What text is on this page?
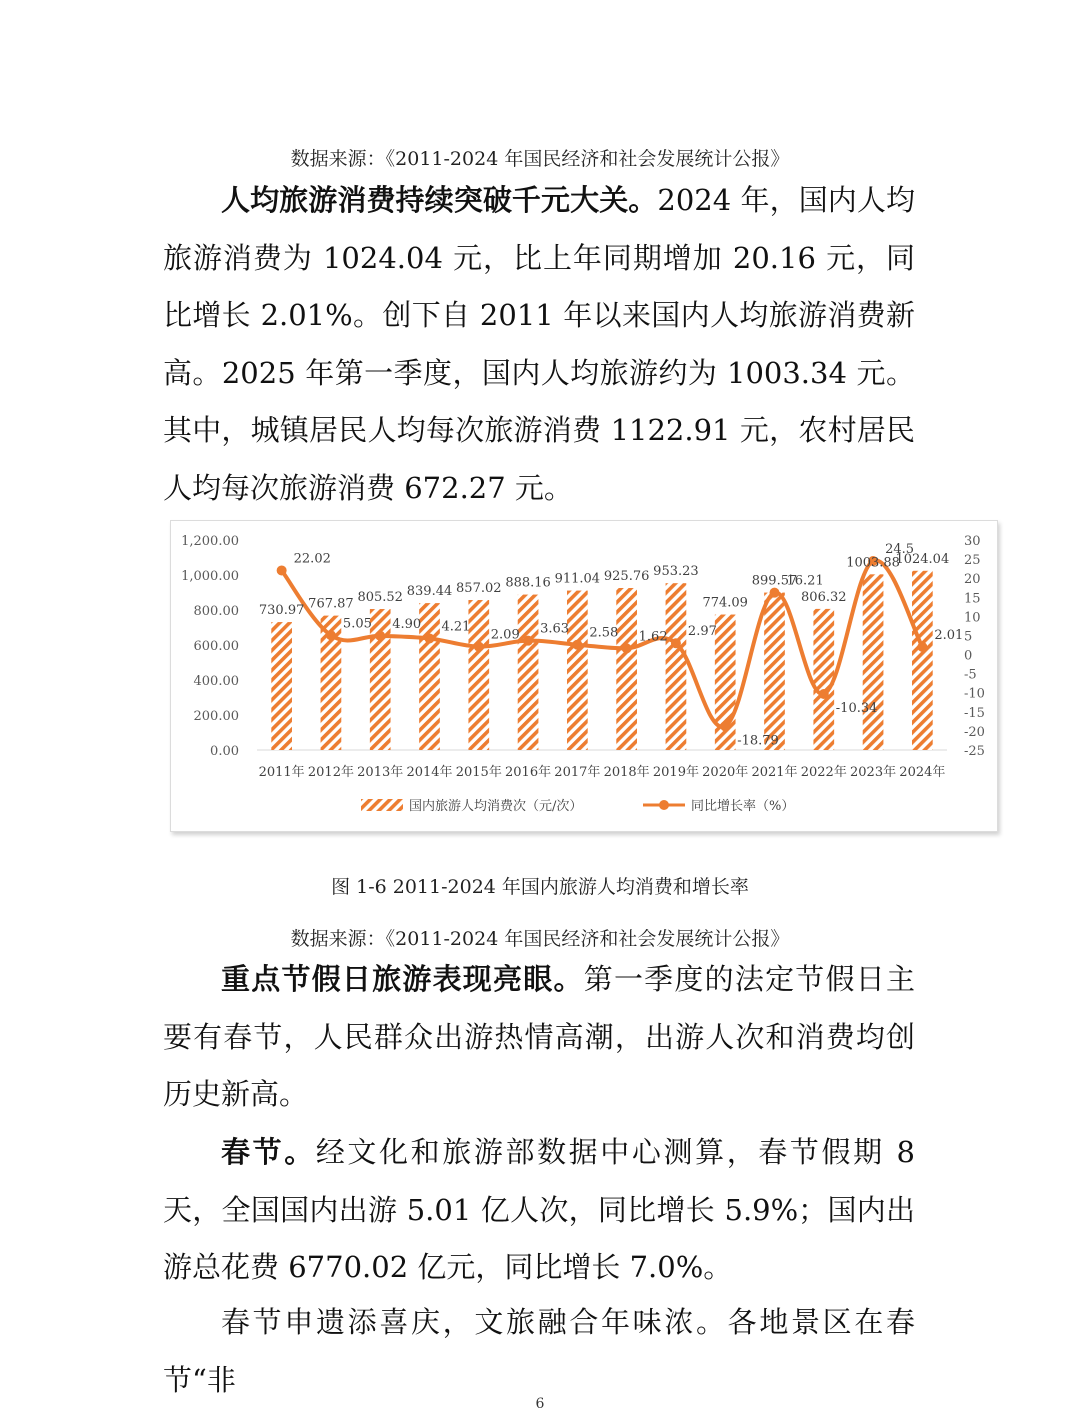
数据来源：《2011-2024 年国民经济和社会发展统计公报》

人均旅游消费持续突破千元大关。2024 年，国内人均旅游消费为 1024.04 元，比上年同期增加 20.16 元，同比增长 2.01%。创下自 2011 年以来国内人均旅游消费新高。2025 年第一季度，国内人均旅游约为 1003.34 元。其中，城镇居民人均每次旅游消费 1122.91 元，农村居民人均每次旅游消费 672.27 元。

0.00
200.00
400.00
600.00
800.00
1,000.00
1,200.00
-25
-20
-15
-10
-5
0
5
10
15
20
25
30
2011年 2012年 2013年 2014年 2015年 2016年 2017年 2018年 2019年 2020年 2021年 2022年 2023年 2024年
730.97 767.87 805.52 839.44 857.02 888.16 911.04 925.76 953.23
774.09
899.57
806.32
1003.88
1024.04
22.02
5.05 4.90 4.21
2.09 3.63 2.58 1.62 2.97
-18.79
16.21
-10.34
24.5
2.01
国内旅游人均消费次（元/次）	同比增长率（%）
图 1-6 2011-2024 年国内旅游人均消费和增长率
数据来源：《2011-2024 年国民经济和社会发展统计公报》

重点节假日旅游表现亮眼。第一季度的法定节假日主要有春节，人民群众出游热情高潮，出游人次和消费均创历史新高。

春节。经文化和旅游部数据中心测算，春节假期 8 天，全国国内出游 5.01 亿人次，同比增长 5.9%；国内出游总花费 6770.02 亿元，同比增长 7.0%。

春节申遗添喜庆，文旅融合年味浓。各地景区在春节“非

6
